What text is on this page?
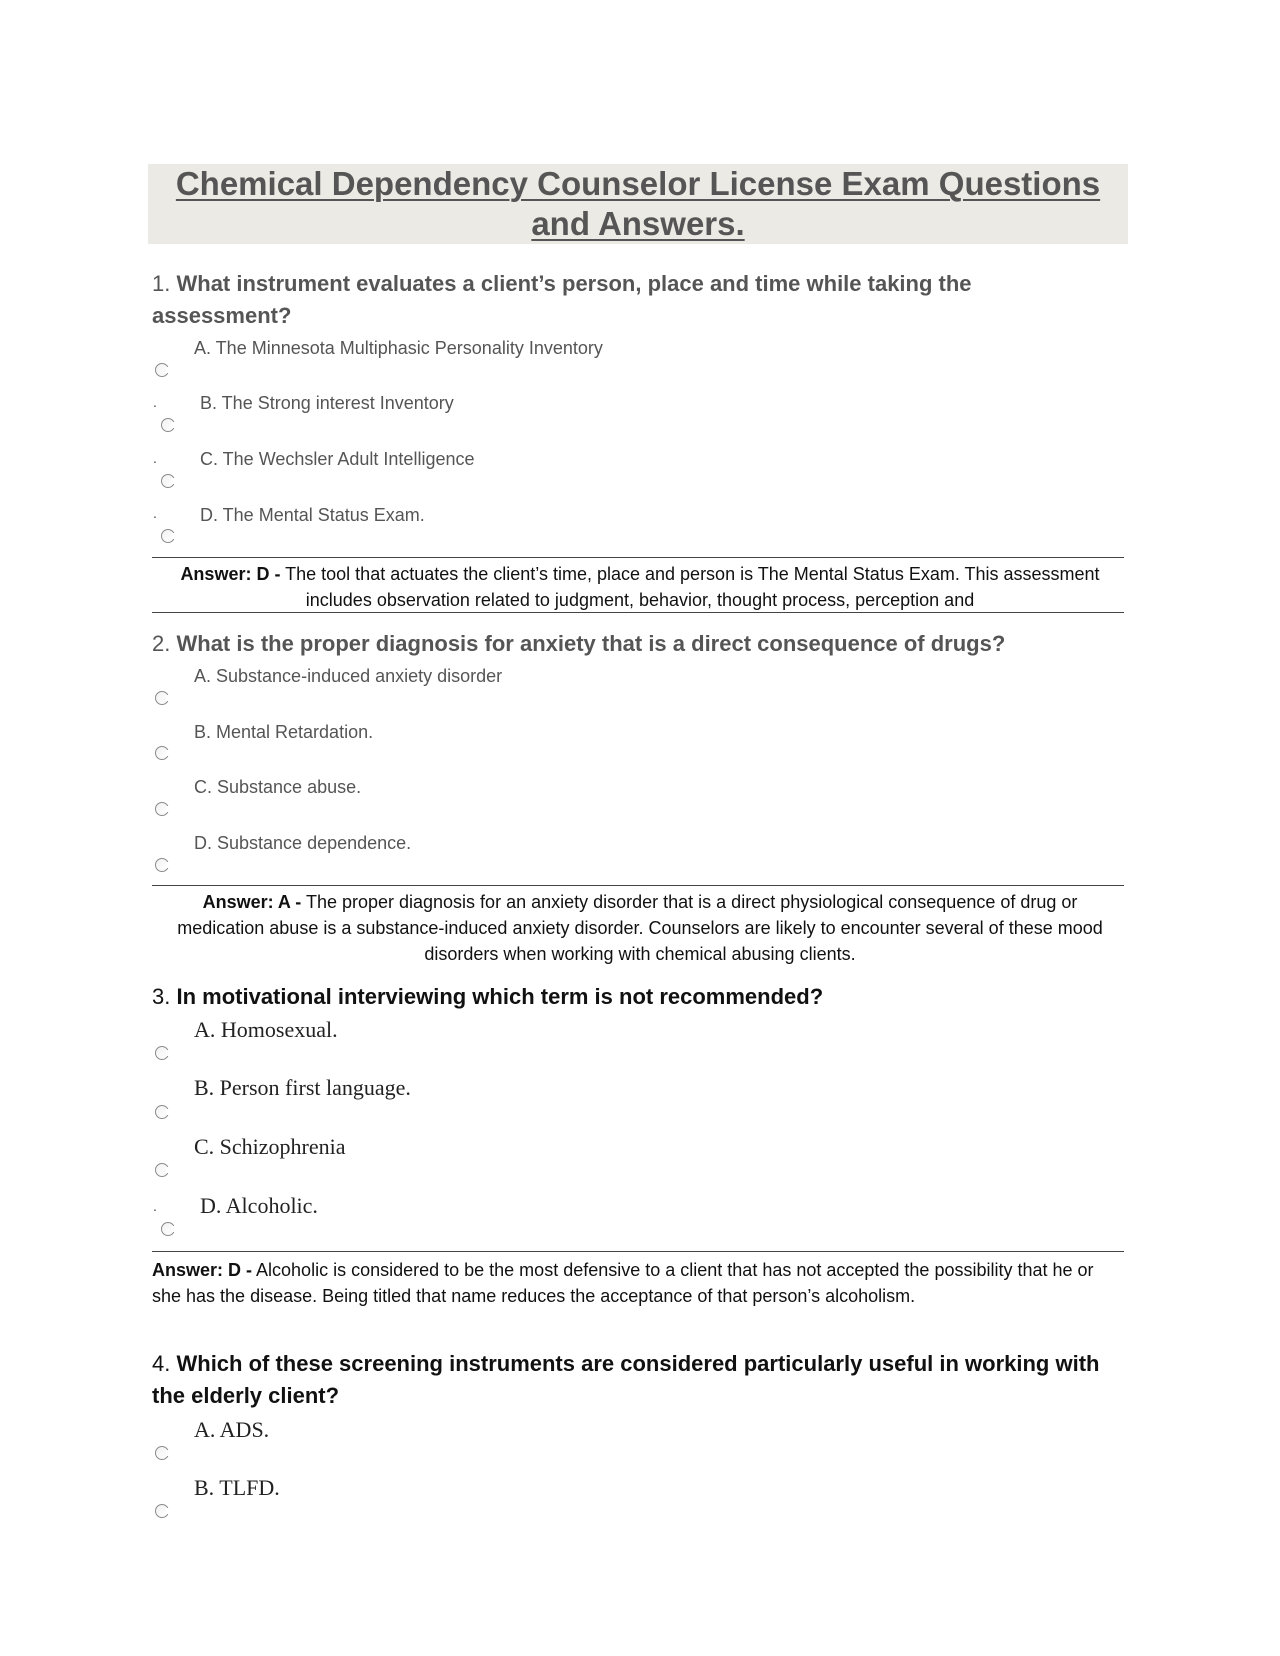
Chemical Dependency Counselor License Exam Questions and Answers.

1. What instrument evaluates a client’s person, place and time while taking the assessment?

A. The Minnesota Multiphasic Personality Inventory
. B. The Strong interest Inventory
. C. The Wechsler Adult Intelligence
. D. The Mental Status Exam.

Answer: D - The tool that actuates the client’s time, place and person is The Mental Status Exam. This assessment includes observation related to judgment, behavior, thought process, perception and

2. What is the proper diagnosis for anxiety that is a direct consequence of drugs?

A. Substance-induced anxiety disorder
B. Mental Retardation.
C. Substance abuse.
D. Substance dependence.

Answer: A - The proper diagnosis for an anxiety disorder that is a direct physiological consequence of drug or medication abuse is a substance-induced anxiety disorder. Counselors are likely to encounter several of these mood disorders when working with chemical abusing clients.

3. In motivational interviewing which term is not recommended?

A. Homosexual.
B. Person first language.
C. Schizophrenia
. D. Alcoholic.

Answer: D - Alcoholic is considered to be the most defensive to a client that has not accepted the possibility that he or she has the disease. Being titled that name reduces the acceptance of that person’s alcoholism.

4. Which of these screening instruments are considered particularly useful in working with the elderly client?

A. ADS.
B. TLFD.
